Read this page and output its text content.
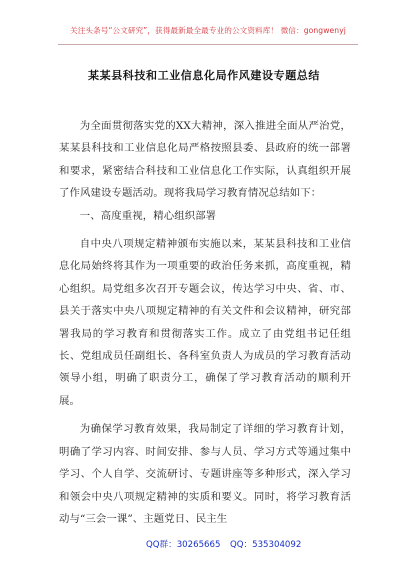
关注头条号“公文研究”，获得最新最全最专业的公文资料库！ 微信：gongwenyj
某某县科技和工业信息化局作风建设专题总结

为全面贯彻落实党的XX大精神，深入推进全面从严治党，某某县科技和工业信息化局严格按照县委、县政府的统一部署和要求，紧密结合科技和工业信息化工作实际，认真组织开展了作风建设专题活动。现将我局学习教育情况总结如下：

一、高度重视，精心组织部署

自中央八项规定精神颁布实施以来，某某县科技和工业信息化局始终将其作为一项重要的政治任务来抓，高度重视，精心组织。局党组多次召开专题会议，传达学习中央、省、市、县关于落实中央八项规定精神的有关文件和会议精神，研究部署我局的学习教育和贯彻落实工作。成立了由党组书记任组长、党组成员任副组长、各科室负责人为成员的学习教育活动领导小组，明确了职责分工，确保了学习教育活动的顺利开展。

为确保学习教育效果，我局制定了详细的学习教育计划，明确了学习内容、时间安排、参与人员、学习方式等通过集中学习、个人自学、交流研讨、专题讲座等多种形式，深入学习和领会中央八项规定精神的实质和要义。同时，将学习教育活动与“三会一课”、主题党日、民主生

QQ群：30265665 QQ：535304092
